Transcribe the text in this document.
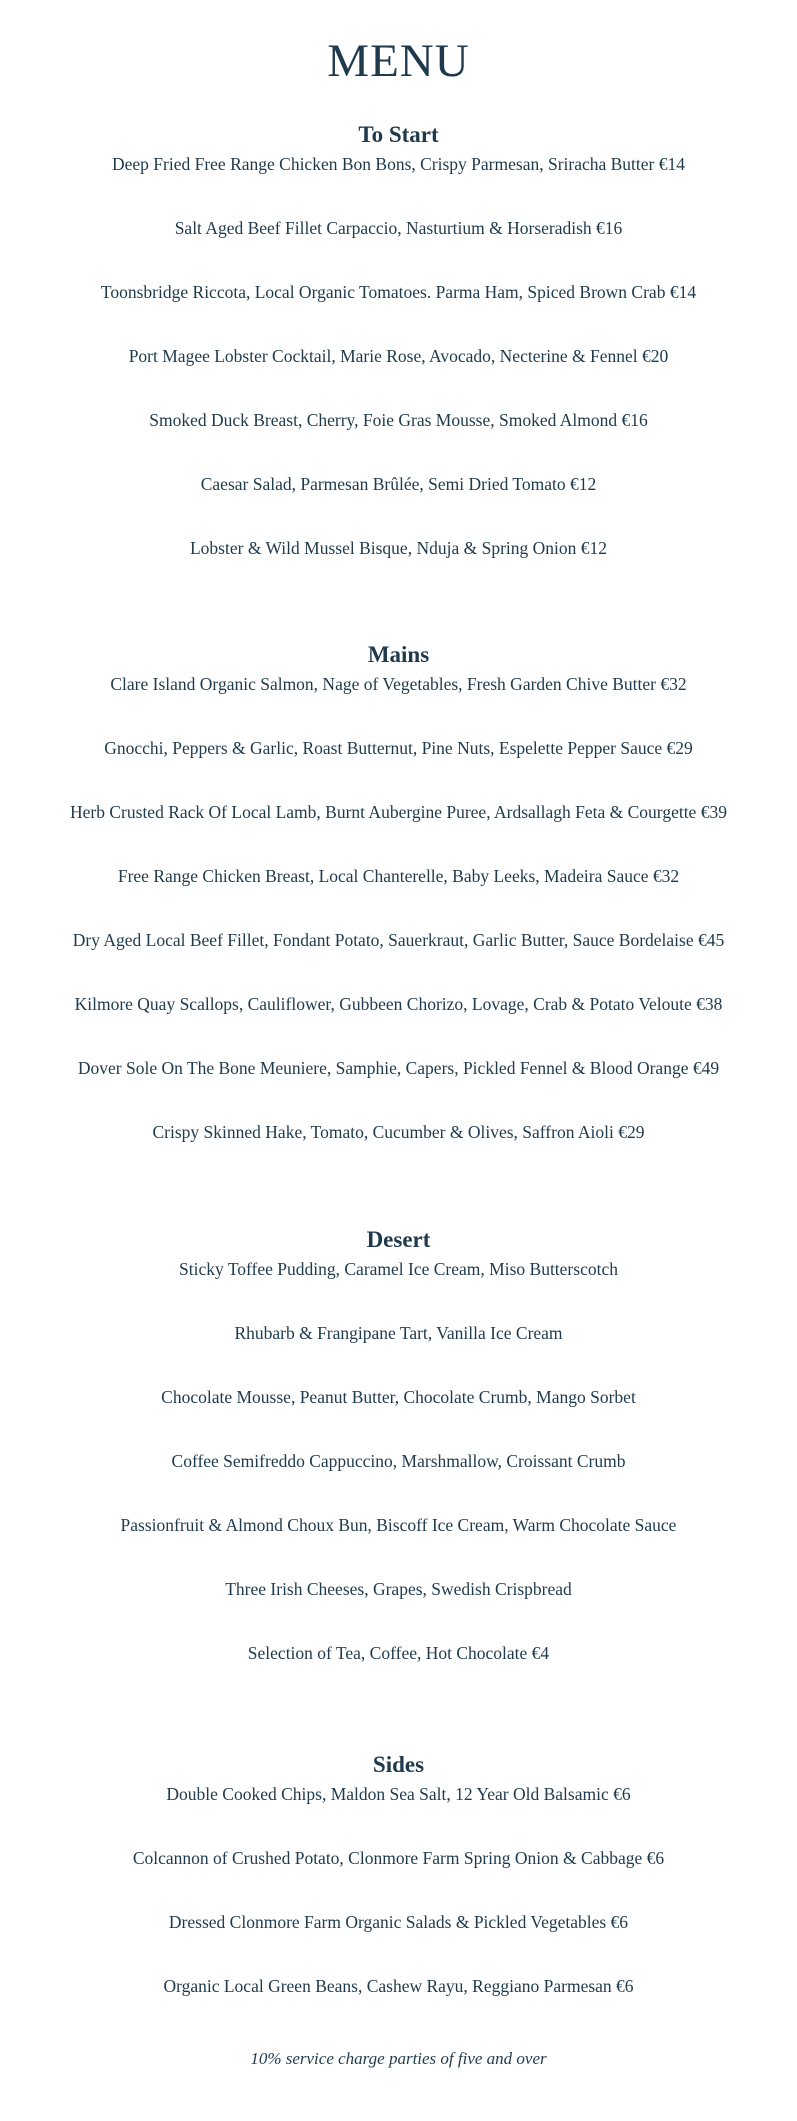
MENU
To Start
Deep Fried Free Range Chicken Bon Bons, Crispy Parmesan, Sriracha Butter €14
Salt Aged Beef Fillet Carpaccio, Nasturtium & Horseradish €16
Toonsbridge Riccota, Local Organic Tomatoes. Parma Ham, Spiced Brown Crab €14
Port Magee Lobster Cocktail, Marie Rose, Avocado, Necterine & Fennel €20
Smoked Duck Breast, Cherry, Foie Gras Mousse, Smoked Almond €16
Caesar Salad, Parmesan Brûlée, Semi Dried Tomato €12
Lobster & Wild Mussel Bisque, Nduja & Spring Onion €12
Mains
Clare Island Organic Salmon, Nage of Vegetables, Fresh Garden Chive Butter €32
Gnocchi, Peppers & Garlic, Roast Butternut, Pine Nuts, Espelette Pepper Sauce €29
Herb Crusted Rack Of Local Lamb, Burnt Aubergine Puree, Ardsallagh Feta & Courgette €39
Free Range Chicken Breast, Local Chanterelle, Baby Leeks, Madeira Sauce €32
Dry Aged Local Beef Fillet, Fondant Potato, Sauerkraut, Garlic Butter, Sauce Bordelaise €45
Kilmore Quay Scallops, Cauliflower, Gubbeen Chorizo, Lovage, Crab & Potato Veloute €38
Dover Sole On The Bone Meuniere, Samphie, Capers, Pickled Fennel & Blood Orange €49
Crispy Skinned Hake, Tomato, Cucumber & Olives, Saffron Aioli €29
Desert
Sticky Toffee Pudding, Caramel Ice Cream, Miso Butterscotch
Rhubarb & Frangipane Tart, Vanilla Ice Cream
Chocolate Mousse, Peanut Butter, Chocolate Crumb, Mango Sorbet
Coffee Semifreddo Cappuccino, Marshmallow, Croissant Crumb
Passionfruit & Almond Choux Bun, Biscoff Ice Cream, Warm Chocolate Sauce
Three Irish Cheeses, Grapes, Swedish Crispbread
Selection of Tea, Coffee, Hot Chocolate €4
Sides
Double Cooked Chips, Maldon Sea Salt, 12 Year Old Balsamic €6
Colcannon of Crushed Potato, Clonmore Farm Spring Onion & Cabbage €6
Dressed Clonmore Farm Organic Salads & Pickled Vegetables €6
Organic Local Green Beans, Cashew Rayu, Reggiano Parmesan €6

10% service charge parties of five and over
